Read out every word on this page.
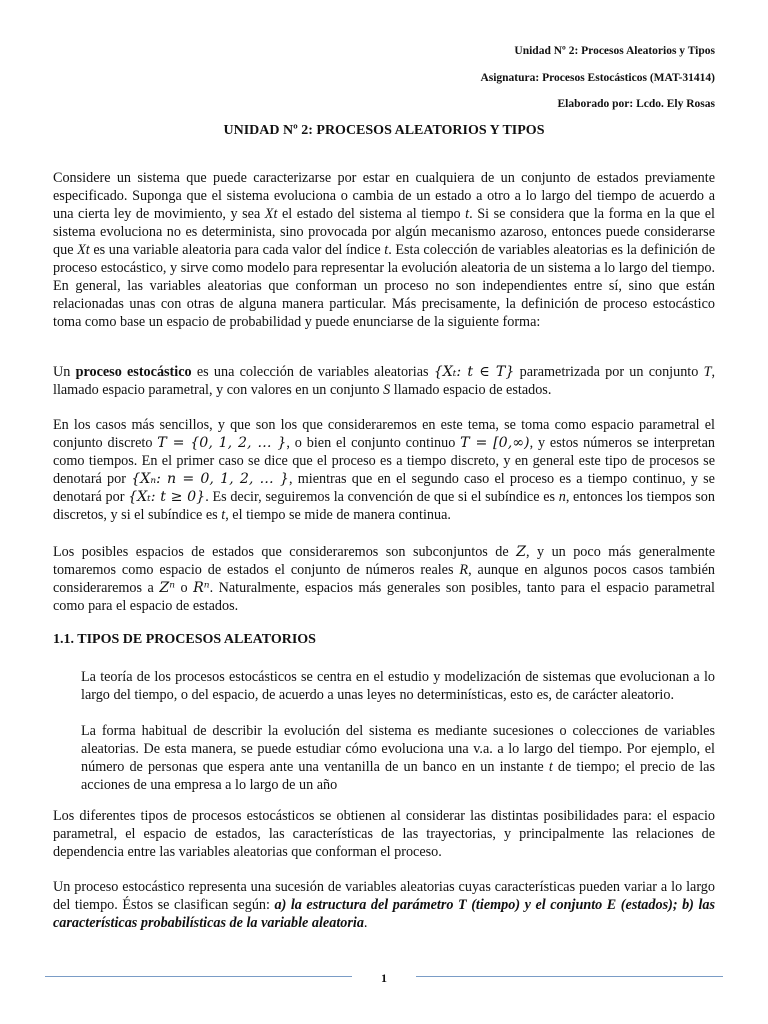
Unidad Nº 2: Procesos Aleatorios y Tipos
Asignatura: Procesos Estocásticos (MAT-31414)
Elaborado por: Lcdo. Ely Rosas
UNIDAD Nº 2: PROCESOS ALEATORIOS Y TIPOS
Considere un sistema que puede caracterizarse por estar en cualquiera de un conjunto de estados previamente especificado. Suponga que el sistema evoluciona o cambia de un estado a otro a lo largo del tiempo de acuerdo a una cierta ley de movimiento, y sea Xt el estado del sistema al tiempo t. Si se considera que la forma en la que el sistema evoluciona no es determinista, sino provocada por algún mecanismo azaroso, entonces puede considerarse que Xt es una variable aleatoria para cada valor del índice t. Esta colección de variables aleatorias es la definición de proceso estocástico, y sirve como modelo para representar la evolución aleatoria de un sistema a lo largo del tiempo. En general, las variables aleatorias que conforman un proceso no son independientes entre sí, sino que están relacionadas unas con otras de alguna manera particular. Más precisamente, la definición de proceso estocástico toma como base un espacio de probabilidad y puede enunciarse de la siguiente forma:
Un proceso estocástico es una colección de variables aleatorias {Xₜ: t ∈ T} parametrizada por un conjunto T, llamado espacio parametral, y con valores en un conjunto S llamado espacio de estados.
En los casos más sencillos, y que son los que consideraremos en este tema, se toma como espacio parametral el conjunto discreto T = {0, 1, 2, … }, o bien el conjunto continuo T = [0,∞), y estos números se interpretan como tiempos. En el primer caso se dice que el proceso es a tiempo discreto, y en general este tipo de procesos se denotará por {Xₙ: n = 0, 1, 2, … }, mientras que en el segundo caso el proceso es a tiempo continuo, y se denotará por {Xₜ: t ≥ 0}. Es decir, seguiremos la convención de que si el subíndice es n, entonces los tiempos son discretos, y si el subíndice es t, el tiempo se mide de manera continua.
Los posibles espacios de estados que consideraremos son subconjuntos de Z, y un poco más generalmente tomaremos como espacio de estados el conjunto de números reales R, aunque en algunos pocos casos también consideraremos a Zⁿ o Rⁿ. Naturalmente, espacios más generales son posibles, tanto para el espacio parametral como para el espacio de estados.
1.1. TIPOS DE PROCESOS ALEATORIOS
La teoría de los procesos estocásticos se centra en el estudio y modelización de sistemas que evolucionan a lo largo del tiempo, o del espacio, de acuerdo a unas leyes no determinísticas, esto es, de carácter aleatorio.
La forma habitual de describir la evolución del sistema es mediante sucesiones o colecciones de variables aleatorias. De esta manera, se puede estudiar cómo evoluciona una v.a. a lo largo del tiempo. Por ejemplo, el número de personas que espera ante una ventanilla de un banco en un instante t de tiempo; el precio de las acciones de una empresa a lo largo de un año
Los diferentes tipos de procesos estocásticos se obtienen al considerar las distintas posibilidades para: el espacio parametral, el espacio de estados, las características de las trayectorias, y principalmente las relaciones de dependencia entre las variables aleatorias que conforman el proceso.
Un proceso estocástico representa una sucesión de variables aleatorias cuyas características pueden variar a lo largo del tiempo. Éstos se clasifican según: a) la estructura del parámetro T (tiempo) y el conjunto E (estados); b) las características probabilísticas de la variable aleatoria.
1
